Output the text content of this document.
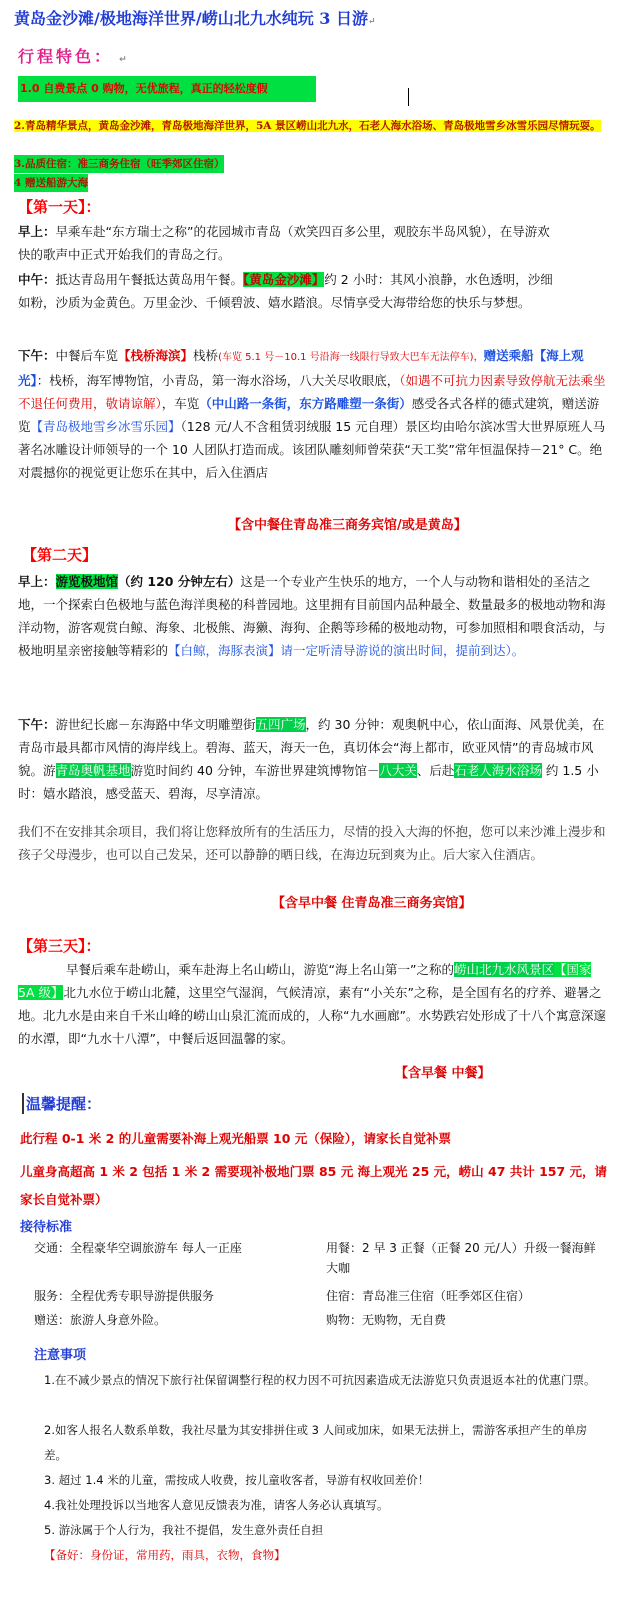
黄岛金沙滩/极地海洋世界/崂山北九水纯玩 3 日游↵
行程特色： ↵
1.0 自费景点 0 购物，无优旅程，真正的轻松度假
2.青岛精华景点，黄岛金沙滩，青岛极地海洋世界，5A 景区崂山北九水，石老人海水浴场、青岛极地雪乡冰雪乐园尽情玩耍。
3.品质住宿：准三商务住宿（旺季郊区住宿）
4 赠送船游大海
【第一天】：
早上：早乘车赴“东方瑞士之称”的花园城市青岛（欢笑四百多公里，观胶东半岛风貌），在导游欢快的歌声中正式开始我们的青岛之行。
中午：抵达青岛用午餐抵达黄岛用午餐。【黄岛金沙滩】约 2 小时：其风小浪静，水色透明，沙细如粉，沙质为金黄色。万里金沙、千倾碧波、嬉水踏浪。尽情享受大海带给您的快乐与梦想。
下午：中餐后车览【栈桥海滨】栈桥(车览 5.1 号－10.1 号沿海一线限行导致大巴车无法停车)，赠送乘船【海上观光】：栈桥，海军博物馆，小青岛，第一海水浴场，八大关尽收眼底，（如遇不可抗力因素导致停航无法乘坐不退任何费用，敬请谅解），车览（中山路一条街，东方路雕塑一条街）感受各式各样的德式建筑，赠送游览【青岛极地雪乡冰雪乐园】（128 元/人不含租赁羽绒服 15 元自理）景区均由哈尔滨冰雪大世界原班人马著名冰雕设计师领导的一个 10 人团队打造而成。该团队雕刻师曾荣获“天工奖”常年恒温保持－21° C。绝对震撼你的视觉更让您乐在其中，后入住酒店
【含中餐住青岛准三商务宾馆/或是黄岛】
【第二天】
早上：游览极地馆（约 120 分钟左右）这是一个专业产生快乐的地方，一个人与动物和谐相处的圣洁之地，一个探索白色极地与蓝色海洋奥秘的科普园地。这里拥有目前国内品种最全、数量最多的极地动物和海洋动物，游客观赏白鲸、海象、北极熊、海獭、海狗、企鹅等珍稀的极地动物，可参加照相和喂食活动，与极地明星亲密接触等精彩的【白鲸，海豚表演】请一定听清导游说的演出时间，提前到达）。
下午：游世纪长廊－东海路中华文明雕塑街五四广场，约 30 分钟：观奥帆中心，依山面海、风景优美，在青岛市最具都市风情的海岸线上。碧海、蓝天，海天一色，真切体会“海上都市，欧亚风情”的青岛城市风貌。游青岛奥帆基地游览时间约 40 分钟，车游世界建筑博物馆－八大关、后赴石老人海水浴场 约 1.5 小时：嬉水踏浪，感受蓝天、碧海，尽享清凉。
我们不在安排其余项目，我们将让您释放所有的生活压力，尽情的投入大海的怀抱，您可以来沙滩上漫步和孩子父母漫步，也可以自己发呆，还可以静静的晒日线，在海边玩到爽为止。后大家入住酒店。
【含早中餐 住青岛准三商务宾馆】
【第三天】：
早餐后乘车赴崂山，乘车赴海上名山崂山，游览“海上名山第一”之称的崂山北九水风景区【国家 5A 级】北九水位于崂山北麓，这里空气湿润，气候清凉，素有“小关东”之称，是全国有名的疗养、避暑之地。北九水是由来自千米山峰的崂山山泉汇流而成的，人称“九水画廊”。水势跌宕处形成了十八个寓意深邃的水潭，即“九水十八潭”，中餐后返回温馨的家。
【含早餐 中餐】
温馨提醒：
此行程 0-1 米 2 的儿童需要补海上观光船票 10 元（保险），请家长自觉补票
儿童身高超高 1 米 2 包括 1 米 2 需要现补极地门票 85 元 海上观光 25 元，崂山 47 共计 157 元，请家长自觉补票）
接待标准
交通：全程豪华空调旅游车 每人一正座	用餐：2 早 3 正餐（正餐 20 元/人）升级一餐海鲜大咖
服务：全程优秀专职导游提供服务	住宿：青岛准三住宿（旺季郊区住宿）
赠送：旅游人身意外险。	购物：无购物，无自费
注意事项
1.在不减少景点的情况下旅行社保留调整行程的权力因不可抗因素造成无法游览只负责退返本社的优惠门票。
2.如客人报名人数系单数，我社尽量为其安排拼住或 3 人间或加床，如果无法拼上，需游客承担产生的单房差。
3. 超过 1.4 米的儿童，需按成人收费，按儿童收客者，导游有权收回差价！
4.我社处理投诉以当地客人意见反馈表为准，请客人务必认真填写。
5. 游泳属于个人行为，我社不提倡，发生意外责任自担
【备好：身份证，常用药，雨具，衣物，食物】
